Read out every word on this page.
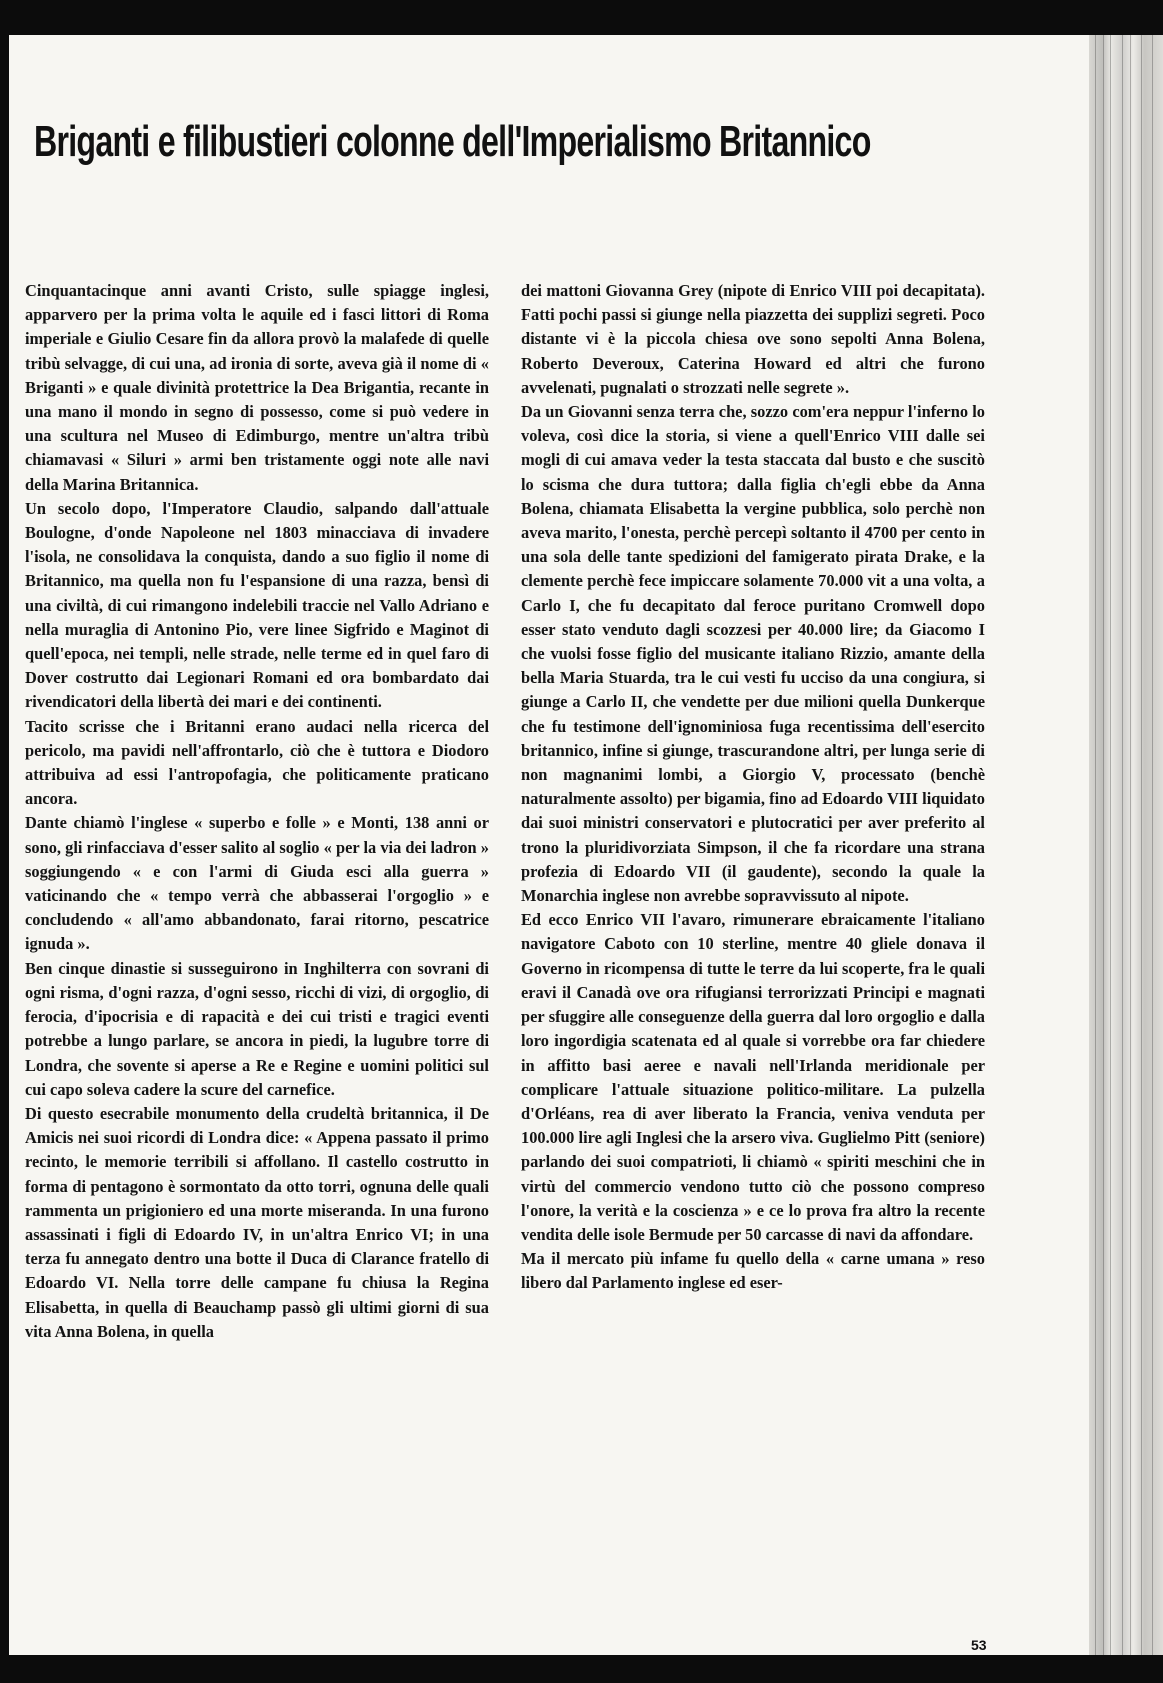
Briganti e filibustieri colonne dell'Imperialismo Britannico

Cinquantacinque anni avanti Cristo, sulle spiagge inglesi, apparvero per la prima volta le aquile ed i fasci littori di Roma imperiale e Giulio Cesare fin da allora provò la malafede di quelle tribù selvagge, di cui una, ad ironia di sorte, aveva già il nome di « Briganti » e quale divinità protettrice la Dea Brigantia, recante in una mano il mondo in segno di possesso, come si può vedere in una scultura nel Museo di Edimburgo, mentre un'altra tribù chiamavasi « Siluri » armi ben tristamente oggi note alle navi della Marina Britannica.

Un secolo dopo, l'Imperatore Claudio, salpando dall'attuale Boulogne, d'onde Napoleone nel 1803 minacciava di invadere l'isola, ne consolidava la conquista, dando a suo figlio il nome di Britannico, ma quella non fu l'espansione di una razza, bensì di una civiltà, di cui rimangono indelebili traccie nel Vallo Adriano e nella muraglia di Antonino Pio, vere linee Sigfrido e Maginot di quell'epoca, nei templi, nelle strade, nelle terme ed in quel faro di Dover costrutto dai Legionari Romani ed ora bombardato dai rivendicatori della libertà dei mari e dei continenti.

Tacito scrisse che i Britanni erano audaci nella ricerca del pericolo, ma pavidi nell'affrontarlo, ciò che è tuttora e Diodoro attribuiva ad essi l'antropofagia, che politicamente praticano ancora.

Dante chiamò l'inglese « superbo e folle » e Monti, 138 anni or sono, gli rinfacciava d'esser salito al soglio « per la via dei ladron » soggiungendo « e con l'armi di Giuda esci alla guerra » vaticinando che « tempo verrà che abbasserai l'orgoglio » e concludendo « all'amo abbandonato, farai ritorno, pescatrice ignuda ».

Ben cinque dinastie si susseguirono in Inghilterra con sovrani di ogni risma, d'ogni razza, d'ogni sesso, ricchi di vizi, di orgoglio, di ferocia, d'ipocrisia e di rapacità e dei cui tristi e tragici eventi potrebbe a lungo parlare, se ancora in piedi, la lugubre torre di Londra, che sovente si aperse a Re e Regine e uomini politici sul cui capo soleva cadere la scure del carnefice.

Di questo esecrabile monumento della crudeltà britannica, il De Amicis nei suoi ricordi di Londra dice: « Appena passato il primo recinto, le memorie terribili si affollano. Il castello costrutto in forma di pentagono è sormontato da otto torri, ognuna delle quali rammenta un prigioniero ed una morte miseranda. In una furono assassinati i figli di Edoardo IV, in un'altra Enrico VI; in una terza fu annegato dentro una botte il Duca di Clarance fratello di Edoardo VI. Nella torre delle campane fu chiusa la Regina Elisabetta, in quella di Beauchamp passò gli ultimi giorni di sua vita Anna Bolena, in quella

dei mattoni Giovanna Grey (nipote di Enrico VIII poi decapitata). Fatti pochi passi si giunge nella piazzetta dei supplizi segreti. Poco distante vi è la piccola chiesa ove sono sepolti Anna Bolena, Roberto Deveroux, Caterina Howard ed altri che furono avvelenati, pugnalati o strozzati nelle segrete ».

Da un Giovanni senza terra che, sozzo com'era neppur l'inferno lo voleva, così dice la storia, si viene a quell'Enrico VIII dalle sei mogli di cui amava veder la testa staccata dal busto e che suscitò lo scisma che dura tuttora; dalla figlia ch'egli ebbe da Anna Bolena, chiamata Elisabetta la vergine pubblica, solo perchè non aveva marito, l'onesta, perchè percepì soltanto il 4700 per cento in una sola delle tante spedizioni del famigerato pirata Drake, e la clemente perchè fece impiccare solamente 70.000 vit a una volta, a Carlo I, che fu decapitato dal feroce puritano Cromwell dopo esser stato venduto dagli scozzesi per 40.000 lire; da Giacomo I che vuolsi fosse figlio del musicante italiano Rizzio, amante della bella Maria Stuarda, tra le cui vesti fu ucciso da una congiura, si giunge a Carlo II, che vendette per due milioni quella Dunkerque che fu testimone dell'ignominiosa fuga recentissima dell'esercito britannico, infine si giunge, trascurandone altri, per lunga serie di non magnanimi lombi, a Giorgio V, processato (benchè naturalmente assolto) per bigamia, fino ad Edoardo VIII liquidato dai suoi ministri conservatori e plutocratici per aver preferito al trono la pluridivorziata Simpson, il che fa ricordare una strana profezia di Edoardo VII (il gaudente), secondo la quale la Monarchia inglese non avrebbe sopravvissuto al nipote.

Ed ecco Enrico VII l'avaro, rimunerare ebraicamente l'italiano navigatore Caboto con 10 sterline, mentre 40 gliele donava il Governo in ricompensa di tutte le terre da lui scoperte, fra le quali eravi il Canadà ove ora rifugiansi terrorizzati Principi e magnati per sfuggire alle conseguenze della guerra dal loro orgoglio e dalla loro ingordigia scatenata ed al quale si vorrebbe ora far chiedere in affitto basi aeree e navali nell'Irlanda meridionale per complicare l'attuale situazione politico-militare. La pulzella d'Orléans, rea di aver liberato la Francia, veniva venduta per 100.000 lire agli Inglesi che la arsero viva. Guglielmo Pitt (seniore) parlando dei suoi compatrioti, li chiamò « spiriti meschini che in virtù del commercio vendono tutto ciò che possono compreso l'onore, la verità e la coscienza » e ce lo prova fra altro la recente vendita delle isole Bermude per 50 carcasse di navi da affondare.

Ma il mercato più infame fu quello della « carne umana » reso libero dal Parlamento inglese ed eser-

53
